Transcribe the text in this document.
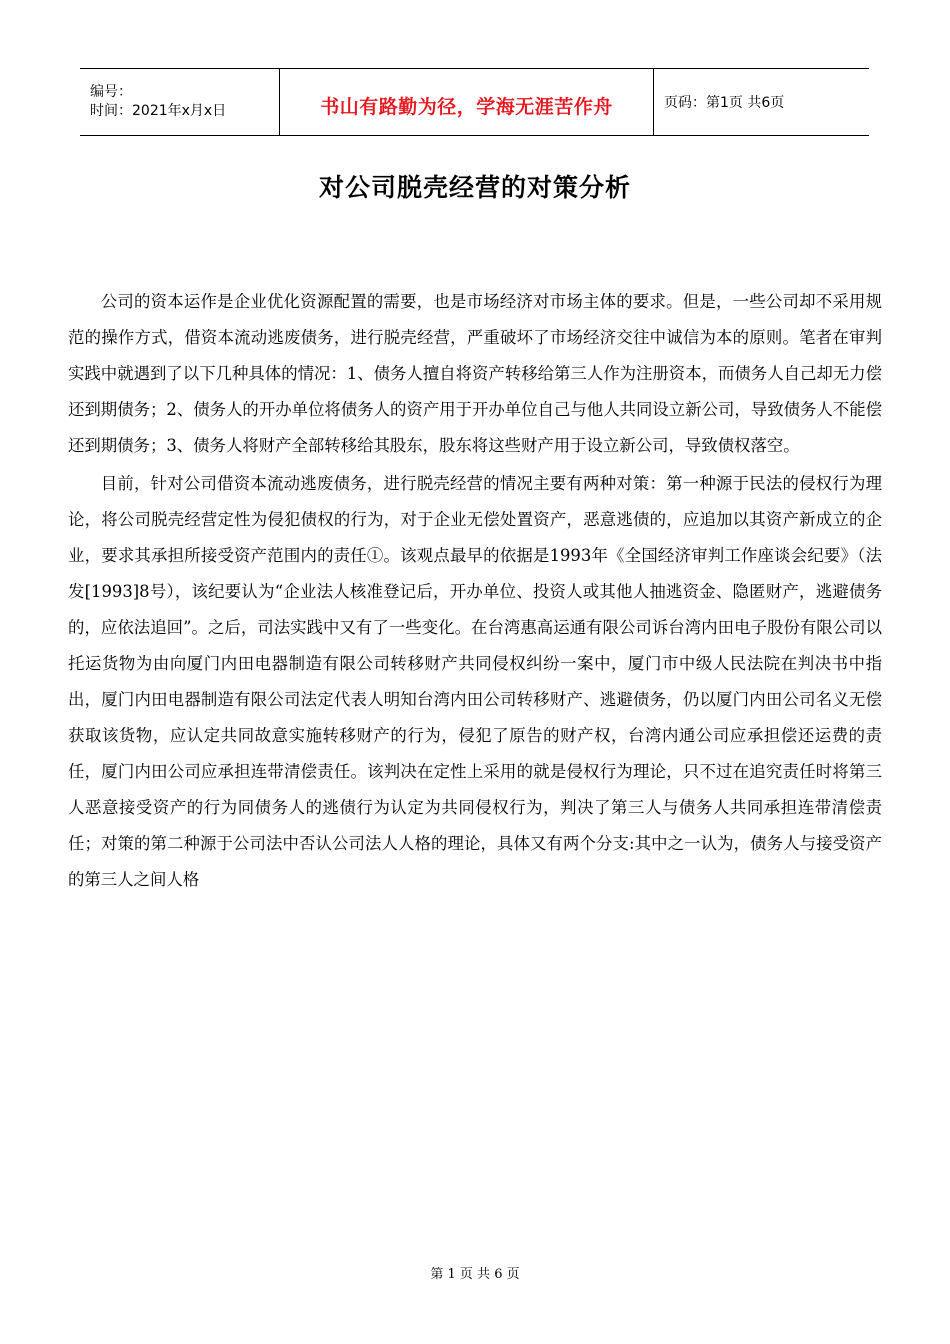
编号：
时间：2021年x月x日	书山有路勤为径，学海无涯苦作舟	页码：第1页 共6页
对公司脱壳经营的对策分析

公司的资本运作是企业优化资源配置的需要，也是市场经济对市场主体的要求。但是，一些公司却不采用规范的操作方式，借资本流动逃废债务，进行脱壳经营，严重破坏了市场经济交往中诚信为本的原则。笔者在审判实践中就遇到了以下几种具体的情况：1、债务人擅自将资产转移给第三人作为注册资本，而债务人自己却无力偿还到期债务；2、债务人的开办单位将债务人的资产用于开办单位自己与他人共同设立新公司，导致债务人不能偿还到期债务；3、债务人将财产全部转移给其股东，股东将这些财产用于设立新公司，导致债权落空。

目前，针对公司借资本流动逃废债务，进行脱壳经营的情况主要有两种对策：第一种源于民法的侵权行为理论，将公司脱壳经营定性为侵犯债权的行为，对于企业无偿处置资产，恶意逃债的，应追加以其资产新成立的企业，要求其承担所接受资产范围内的责任①。该观点最早的依据是1993年《全国经济审判工作座谈会纪要》（法发[1993]8号），该纪要认为“企业法人核准登记后，开办单位、投资人或其他人抽逃资金、隐匿财产，逃避债务的，应依法追回”。之后，司法实践中又有了一些变化。在台湾惠高运通有限公司诉台湾内田电子股份有限公司以托运货物为由向厦门内田电器制造有限公司转移财产共同侵权纠纷一案中，厦门市中级人民法院在判决书中指出，厦门内田电器制造有限公司法定代表人明知台湾内田公司转移财产、逃避债务，仍以厦门内田公司名义无偿获取该货物，应认定共同故意实施转移财产的行为，侵犯了原告的财产权，台湾内通公司应承担偿还运费的责任，厦门内田公司应承担连带清偿责任。该判决在定性上采用的就是侵权行为理论，只不过在追究责任时将第三人恶意接受资产的行为同债务人的逃债行为认定为共同侵权行为，判决了第三人与债务人共同承担连带清偿责任；对策的第二种源于公司法中否认公司法人人格的理论，具体又有两个分支:其中之一认为，债务人与接受资产的第三人之间人格

第 1 页 共 6 页
